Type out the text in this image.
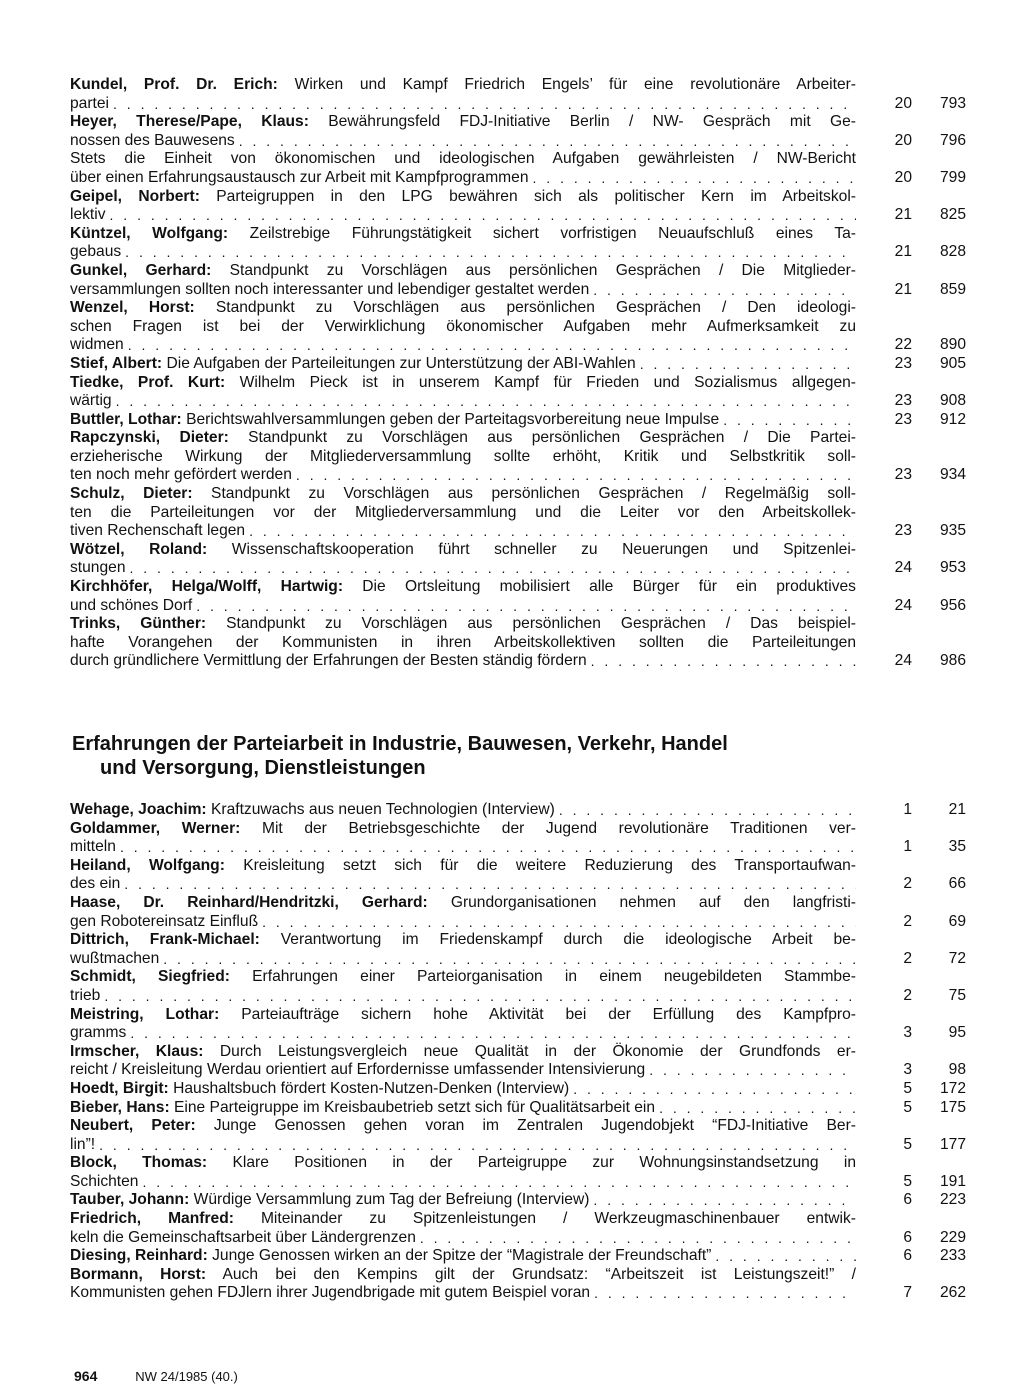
Kundel, Prof. Dr. Erich: Wirken und Kampf Friedrich Engels’ für eine revolutionäre Arbeiter-
partei . . .	20	793

Heyer, Therese/Pape, Klaus: Bewährungsfeld FDJ-Initiative Berlin / NW- Gespräch mit Ge-
nossen des Bauwesens . . .	20	796

Stets die Einheit von ökonomischen und ideologischen Aufgaben gewährleisten / NW-Bericht
über einen Erfahrungsaustausch zur Arbeit mit Kampfprogrammen . . .	20	799

Geipel, Norbert: Parteigruppen in den LPG bewähren sich als politischer Kern im Arbeitskol-
lektiv . . .	21	825

Küntzel, Wolfgang: Zeilstrebige Führungstätigkeit sichert vorfristigen Neuaufschluß eines Ta-
gebaus . . .	21	828

Gunkel, Gerhard: Standpunkt zu Vorschlägen aus persönlichen Gesprächen / Die Mitglieder-
versammlungen sollten noch interessanter und lebendiger gestaltet werden . . .	21	859

Wenzel, Horst: Standpunkt zu Vorschlägen aus persönlichen Gesprächen / Den ideologi-
schen Fragen ist bei der Verwirklichung ökonomischer Aufgaben mehr Aufmerksamkeit zu
widmen . . .	22	890

Stief, Albert: Die Aufgaben der Parteileitungen zur Unterstützung der ABI-Wahlen . . .	23	905

Tiedke, Prof. Kurt: Wilhelm Pieck ist in unserem Kampf für Frieden und Sozialismus allgegen-
wärtig . . .	23	908

Buttler, Lothar: Berichtswahlversammlungen geben der Parteitagsvorbereitung neue Impulse . . .	23	912

Rapczynski, Dieter: Standpunkt zu Vorschlägen aus persönlichen Gesprächen / Die Partei-
erzieherische Wirkung der Mitgliederversammlung sollte erhöht, Kritik und Selbstkritik soll-
ten noch mehr gefördert werden . . .	23	934

Schulz, Dieter: Standpunkt zu Vorschlägen aus persönlichen Gesprächen / Regelmäßig soll-
ten die Parteileitungen vor der Mitgliederversammlung und die Leiter vor den Arbeitskollek-
tiven Rechenschaft legen . . .	23	935

Wötzel, Roland: Wissenschaftskooperation führt schneller zu Neuerungen und Spitzenlei-
stungen . . .	24	953

Kirchhöfer, Helga/Wolff, Hartwig: Die Ortsleitung mobilisiert alle Bürger für ein produktives
und schönes Dorf . . .	24	956

Trinks, Günther: Standpunkt zu Vorschlägen aus persönlichen Gesprächen / Das beispiel-
hafte Vorangehen der Kommunisten in ihren Arbeitskollektiven sollten die Parteileitungen
durch gründlichere Vermittlung der Erfahrungen der Besten ständig fördern . . .	24	986
Erfahrungen der Parteiarbeit in Industrie, Bauwesen, Verkehr, Handel
und Versorgung, Dienstleistungen

Wehage, Joachim: Kraftzuwachs aus neuen Technologien (Interview) . . .	1	21

Goldammer, Werner: Mit der Betriebsgeschichte der Jugend revolutionäre Traditionen ver-
mitteln . . .	1	35

Heiland, Wolfgang: Kreisleitung setzt sich für die weitere Reduzierung des Transportaufwan-
des ein . . .	2	66

Haase, Dr. Reinhard/Hendritzki, Gerhard: Grundorganisationen nehmen auf den langfristi-
gen Robotereinsatz Einfluß . . .	2	69

Dittrich, Frank-Michael: Verantwortung im Friedenskampf durch die ideologische Arbeit be-
wußtmachen . . .	2	72

Schmidt, Siegfried: Erfahrungen einer Parteiorganisation in einem neugebildeten Stammbe-
trieb . . .	2	75

Meistring, Lothar: Parteiaufträge sichern hohe Aktivität bei der Erfüllung des Kampfpro-
gramms . . .	3	95

Irmscher, Klaus: Durch Leistungsvergleich neue Qualität in der Ökonomie der Grundfonds er-
reicht / Kreisleitung Werdau orientiert auf Erfordernisse umfassender Intensivierung . . .	3	98

Hoedt, Birgit: Haushaltsbuch fördert Kosten-Nutzen-Denken (Interview) . . .	5	172

Bieber, Hans: Eine Parteigruppe im Kreisbaubetrieb setzt sich für Qualitätsarbeit ein . . .	5	175

Neubert, Peter: Junge Genossen gehen voran im Zentralen Jugendobjekt “FDJ-Initiative Ber-
lin”! . . .	5	177

Block, Thomas: Klare Positionen in der Parteigruppe zur Wohnungsinstandsetzung in
Schichten . . .	5	191

Tauber, Johann: Würdige Versammlung zum Tag der Befreiung (Interview) . . .	6	223

Friedrich, Manfred: Miteinander zu Spitzenleistungen / Werkzeugmaschinenbauer entwik-
keln die Gemeinschaftsarbeit über Ländergrenzen . . .	6	229

Diesing, Reinhard: Junge Genossen wirken an der Spitze der “Magistrale der Freundschaft” . . .	6	233

Bormann, Horst: Auch bei den Kempins gilt der Grundsatz: “Arbeitszeit ist Leistungszeit!” /
Kommunisten gehen FDJlern ihrer Jugendbrigade mit gutem Beispiel voran . . .	7	262
964	NW 24/1985 (40.)
